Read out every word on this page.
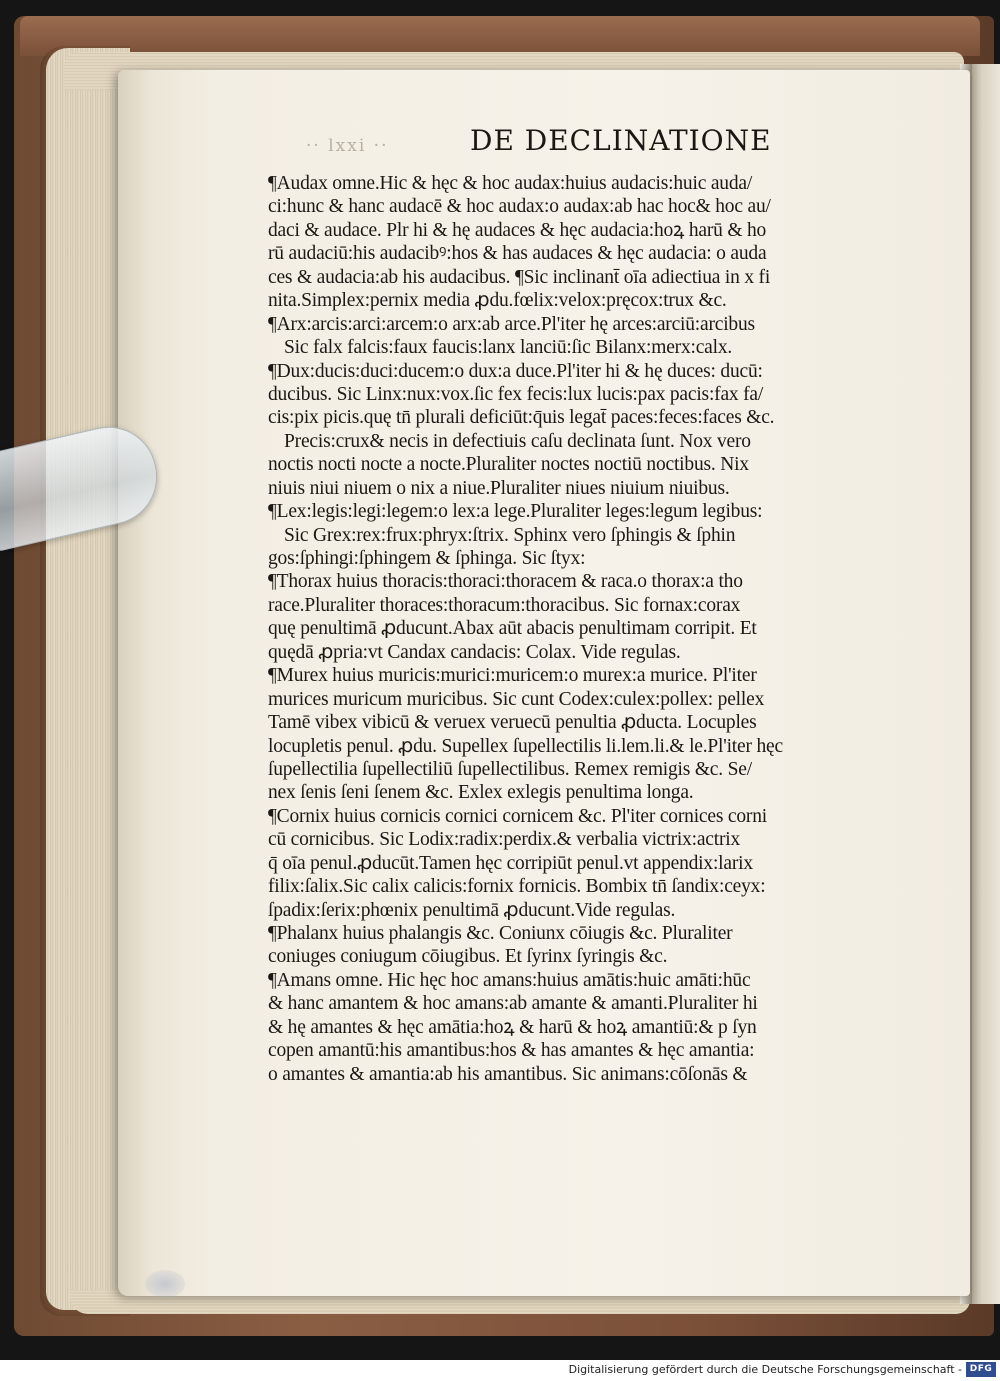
·· lxxi ··	DE DECLINATIONE
¶Audax omne.Hic & hęc & hoc audax:huius audacis:huic auda/
ci:hunc & hanc audacē & hoc audax:o audax:ab hac hoc& hoc au/
daci & audace. Plr hi & hę audaces & hęc audacia:hoꝝ harū & ho
rū audaciū:his audacibꝰ:hos & has audaces & hęc audacia: o auda
ces & audacia:ab his audacibus. ¶Sic inclinant̄ oīa adiectiua in x fi
nita.Simplex:pernix media ꝓdu.fœlix:velox:pręcox:trux &c.
¶Arx:arcis:arci:arcem:o arx:ab arce.Pl'iter hę arces:arciū:arcibus
Sic falx falcis:faux faucis:lanx lanciū:ſic Bilanx:merx:calx.
¶Dux:ducis:duci:ducem:o dux:a duce.Pl'iter hi & hę duces: ducū:
ducibus. Sic Linx:nux:vox.ſic fex fecis:lux lucis:pax pacis:fax fa/
cis:pix picis.quę tn̄ plurali deficiūt:q̄uis legat̄ paces:feces:faces &c.
Precis:crux& necis in defectiuis caſu declinata ſunt. Nox vero
noctis nocti nocte a nocte.Pluraliter noctes noctiū noctibus. Nix
niuis niui niuem o nix a niue.Pluraliter niues niuium niuibus.
¶Lex:legis:legi:legem:o lex:a lege.Pluraliter leges:legum legibus:
Sic Grex:rex:frux:phryx:ſtrix. Sphinx vero ſphingis & ſphin
gos:ſphingi:ſphingem & ſphinga. Sic ſtyx:
¶Thorax huius thoracis:thoraci:thoracem & raca.o thorax:a tho
race.Pluraliter thoraces:thoracum:thoracibus. Sic fornax:corax
quę penultimā ꝓducunt.Abax aūt abacis penultimam corripit. Et
quędā ꝓpria:vt Candax candacis: Colax. Vide regulas.
¶Murex huius muricis:murici:muricem:o murex:a murice. Pl'iter
murices muricum muricibus. Sic cunt Codex:culex:pollex: pellex
Tamē vibex vibicū & veruex veruecū penultia ꝓducta. Locuples
locupletis penul. ꝓdu. Supellex ſupellectilis li.lem.li.& le.Pl'iter hęc
ſupellectilia ſupellectiliū ſupellectilibus. Remex remigis &c. Se/
nex ſenis ſeni ſenem &c. Exlex exlegis penultima longa.
¶Cornix huius cornicis cornici cornicem &c. Pl'iter cornices corni
cū cornicibus. Sic Lodix:radix:perdix.& verbalia victrix:actrix
q̄ oīa penul.ꝓducūt.Tamen hęc corripiūt penul.vt appendix:larix
filix:ſalix.Sic calix calicis:fornix fornicis. Bombix tn̄ ſandix:ceyx:
ſpadix:ſerix:phœnix penultimā ꝓducunt.Vide regulas.
¶Phalanx huius phalangis &c. Coniunx cōiugis &c. Pluraliter
coniuges coniugum cōiugibus. Et ſyrinx ſyringis &c.
¶Amans omne. Hic hęc hoc amans:huius amātis:huic amāti:hūc
& hanc amantem & hoc amans:ab amante & amanti.Pluraliter hi
& hę amantes & hęc amātia:hoꝝ & harū & hoꝝ amantiū:& p ſyn
copen amantū:his amantibus:hos & has amantes & hęc amantia:
o amantes & amantia:ab his amantibus. Sic animans:cōſonās &
Digitalisierung gefördert durch die Deutsche Forschungsgemeinschaft - DFG
